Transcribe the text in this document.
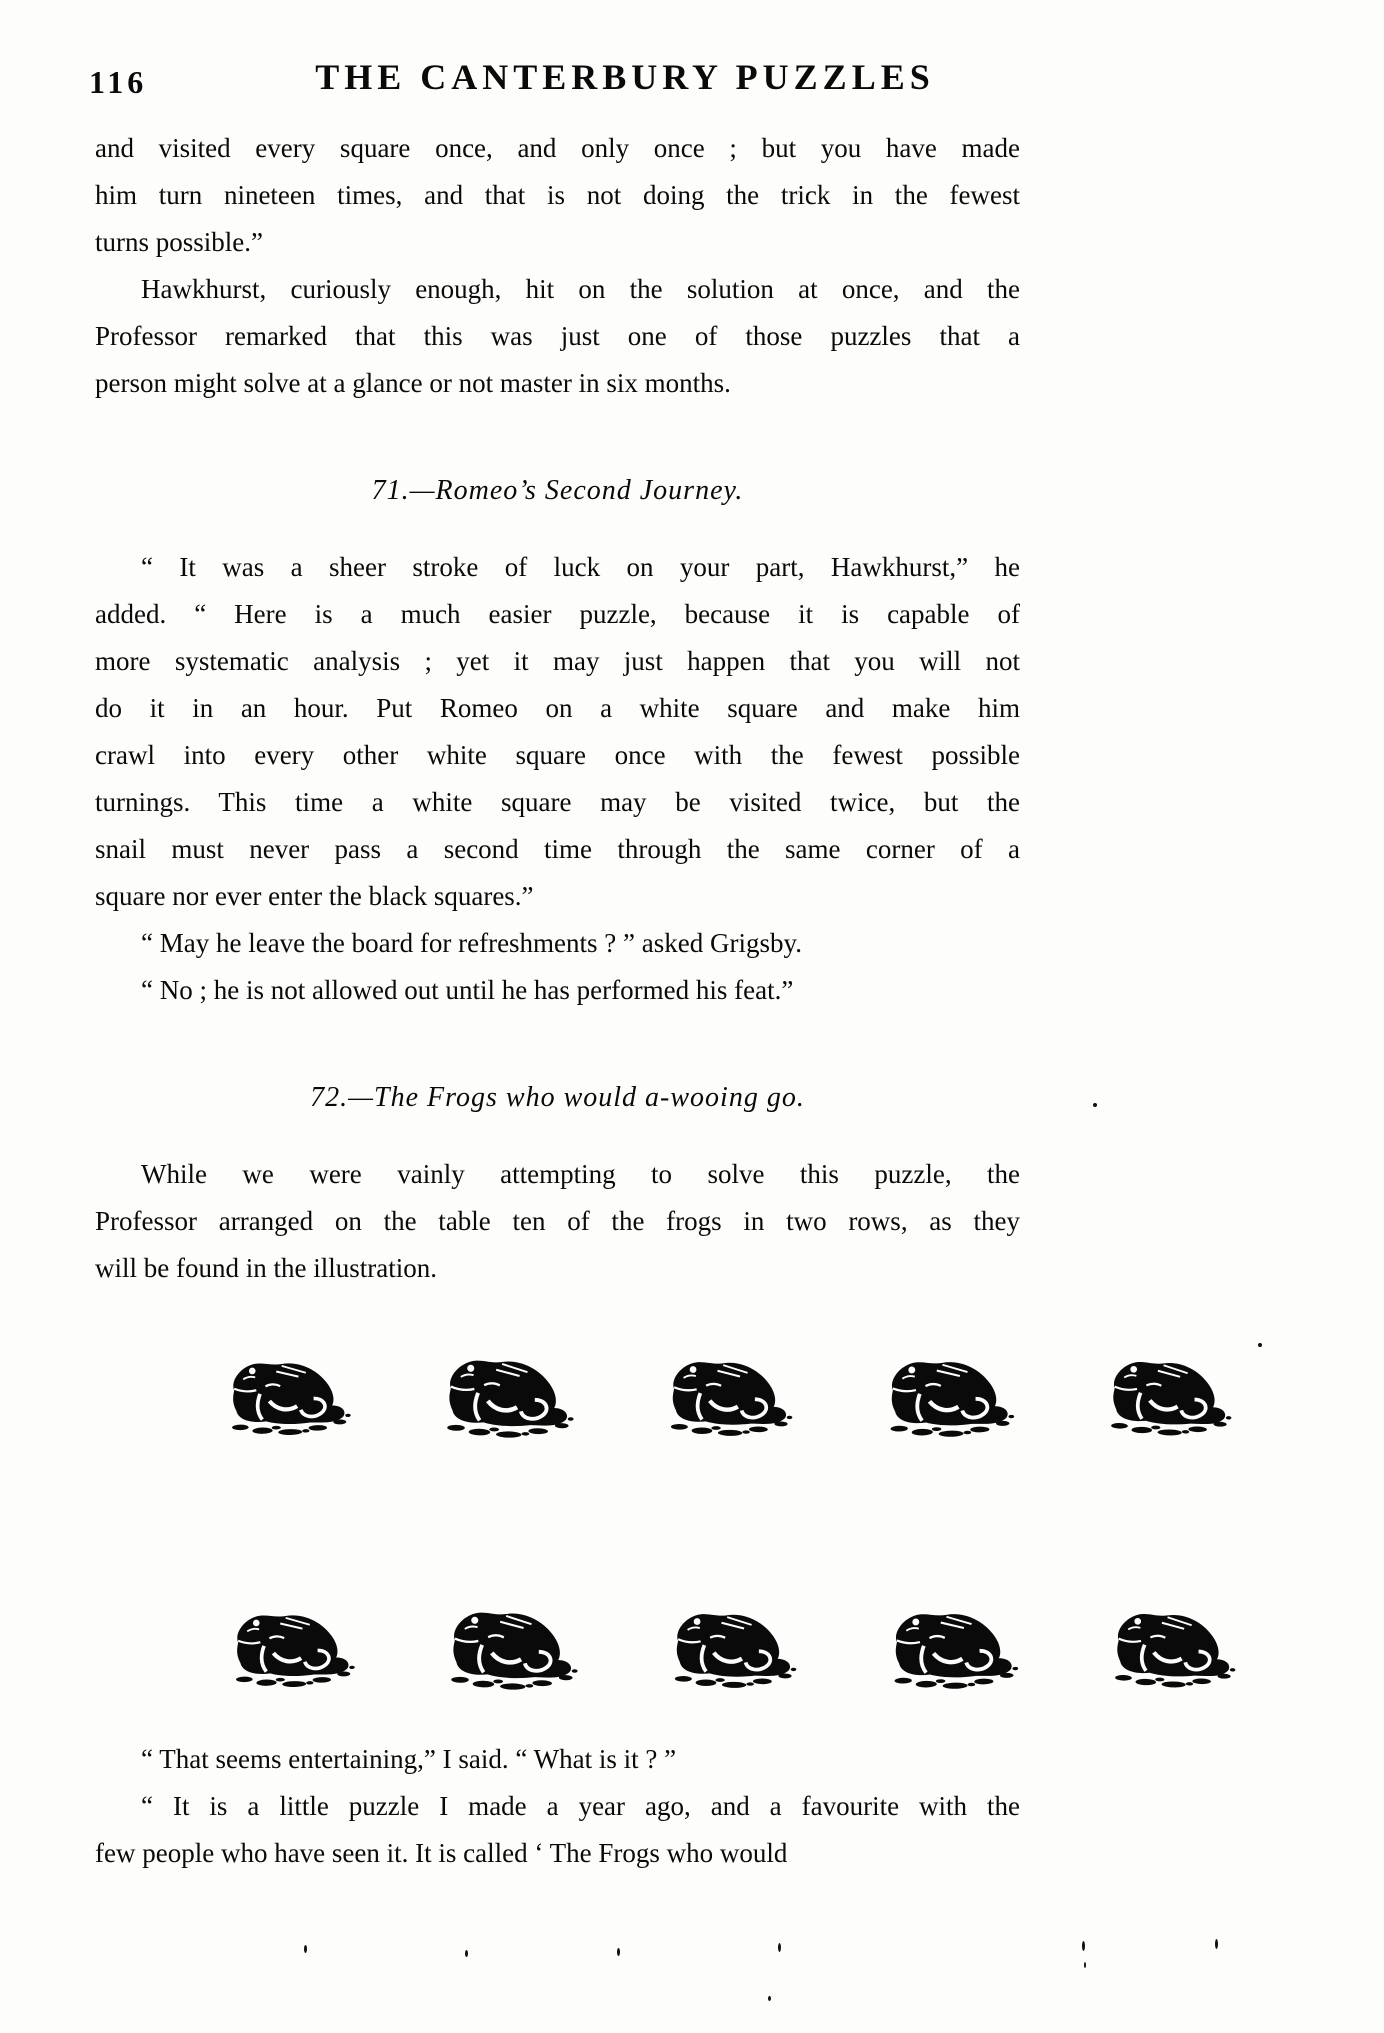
116	THE CANTERBURY PUZZLES
and visited every square once, and only once ; but you have made
him turn nineteen times, and that is not doing the trick in the fewest
turns possible.”
Hawkhurst, curiously enough, hit on the solution at once, and the
Professor remarked that this was just one of those puzzles that a
person might solve at a glance or not master in six months.
71.—Romeo’s Second Journey.
“ It was a sheer stroke of luck on your part, Hawkhurst,” he
added. “ Here is a much easier puzzle, because it is capable of
more systematic analysis ; yet it may just happen that you will not
do it in an hour. Put Romeo on a white square and make him
crawl into every other white square once with the fewest possible
turnings. This time a white square may be visited twice, but the
snail must never pass a second time through the same corner of a
square nor ever enter the black squares.”
“ May he leave the board for refreshments ? ” asked Grigsby.
“ No ; he is not allowed out until he has performed his feat.”
72.—The Frogs who would a-wooing go.
While we were vainly attempting to solve this puzzle, the
Professor arranged on the table ten of the frogs in two rows, as they
will be found in the illustration.
“ That seems entertaining,” I said. “ What is it ? ”
“ It is a little puzzle I made a year ago, and a favourite with the
few people who have seen it. It is called ‘ The Frogs who would
